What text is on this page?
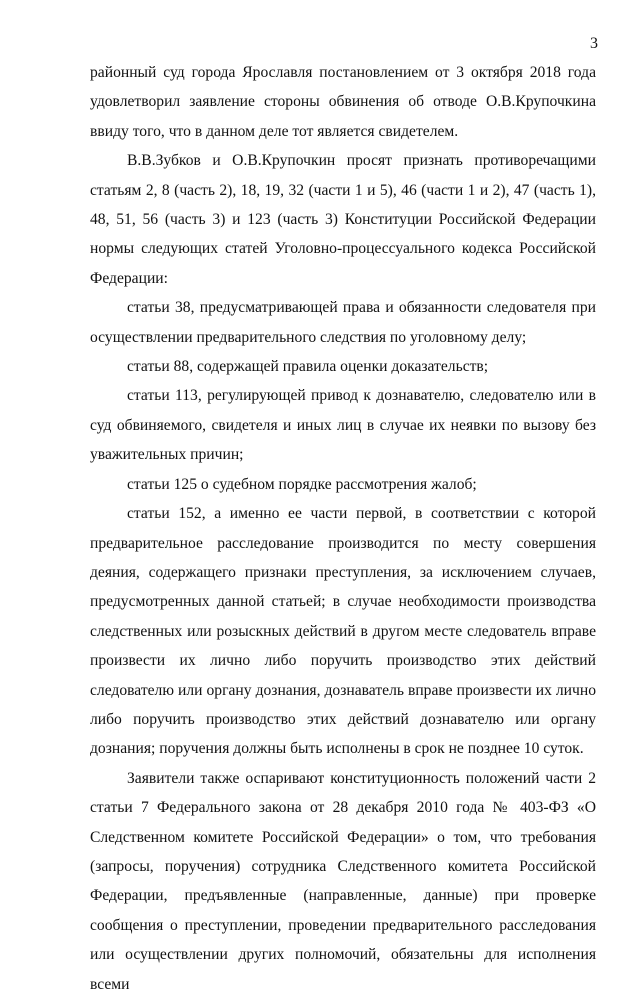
3

районный суд города Ярославля постановлением от 3 октября 2018 года удовлетворил заявление стороны обвинения об отводе О.В.Крупочкина ввиду того, что в данном деле тот является свидетелем.

В.В.Зубков и О.В.Крупочкин просят признать противоречащими статьям 2, 8 (часть 2), 18, 19, 32 (части 1 и 5), 46 (части 1 и 2), 47 (часть 1), 48, 51, 56 (часть 3) и 123 (часть 3) Конституции Российской Федерации нормы следующих статей Уголовно-процессуального кодекса Российской Федерации:

статьи 38, предусматривающей права и обязанности следователя при осуществлении предварительного следствия по уголовному делу;

статьи 88, содержащей правила оценки доказательств;

статьи 113, регулирующей привод к дознавателю, следователю или в суд обвиняемого, свидетеля и иных лиц в случае их неявки по вызову без уважительных причин;

статьи 125 о судебном порядке рассмотрения жалоб;

статьи 152, а именно ее части первой, в соответствии с которой предварительное расследование производится по месту совершения деяния, содержащего признаки преступления, за исключением случаев, предусмотренных данной статьей; в случае необходимости производства следственных или розыскных действий в другом месте следователь вправе произвести их лично либо поручить производство этих действий следователю или органу дознания, дознаватель вправе произвести их лично либо поручить производство этих действий дознавателю или органу дознания; поручения должны быть исполнены в срок не позднее 10 суток.

Заявители также оспаривают конституционность положений части 2 статьи 7 Федерального закона от 28 декабря 2010 года № 403-ФЗ «О Следственном комитете Российской Федерации» о том, что требования (запросы, поручения) сотрудника Следственного комитета Российской Федерации, предъявленные (направленные, данные) при проверке сообщения о преступлении, проведении предварительного расследования или осуществлении других полномочий, обязательны для исполнения всеми
